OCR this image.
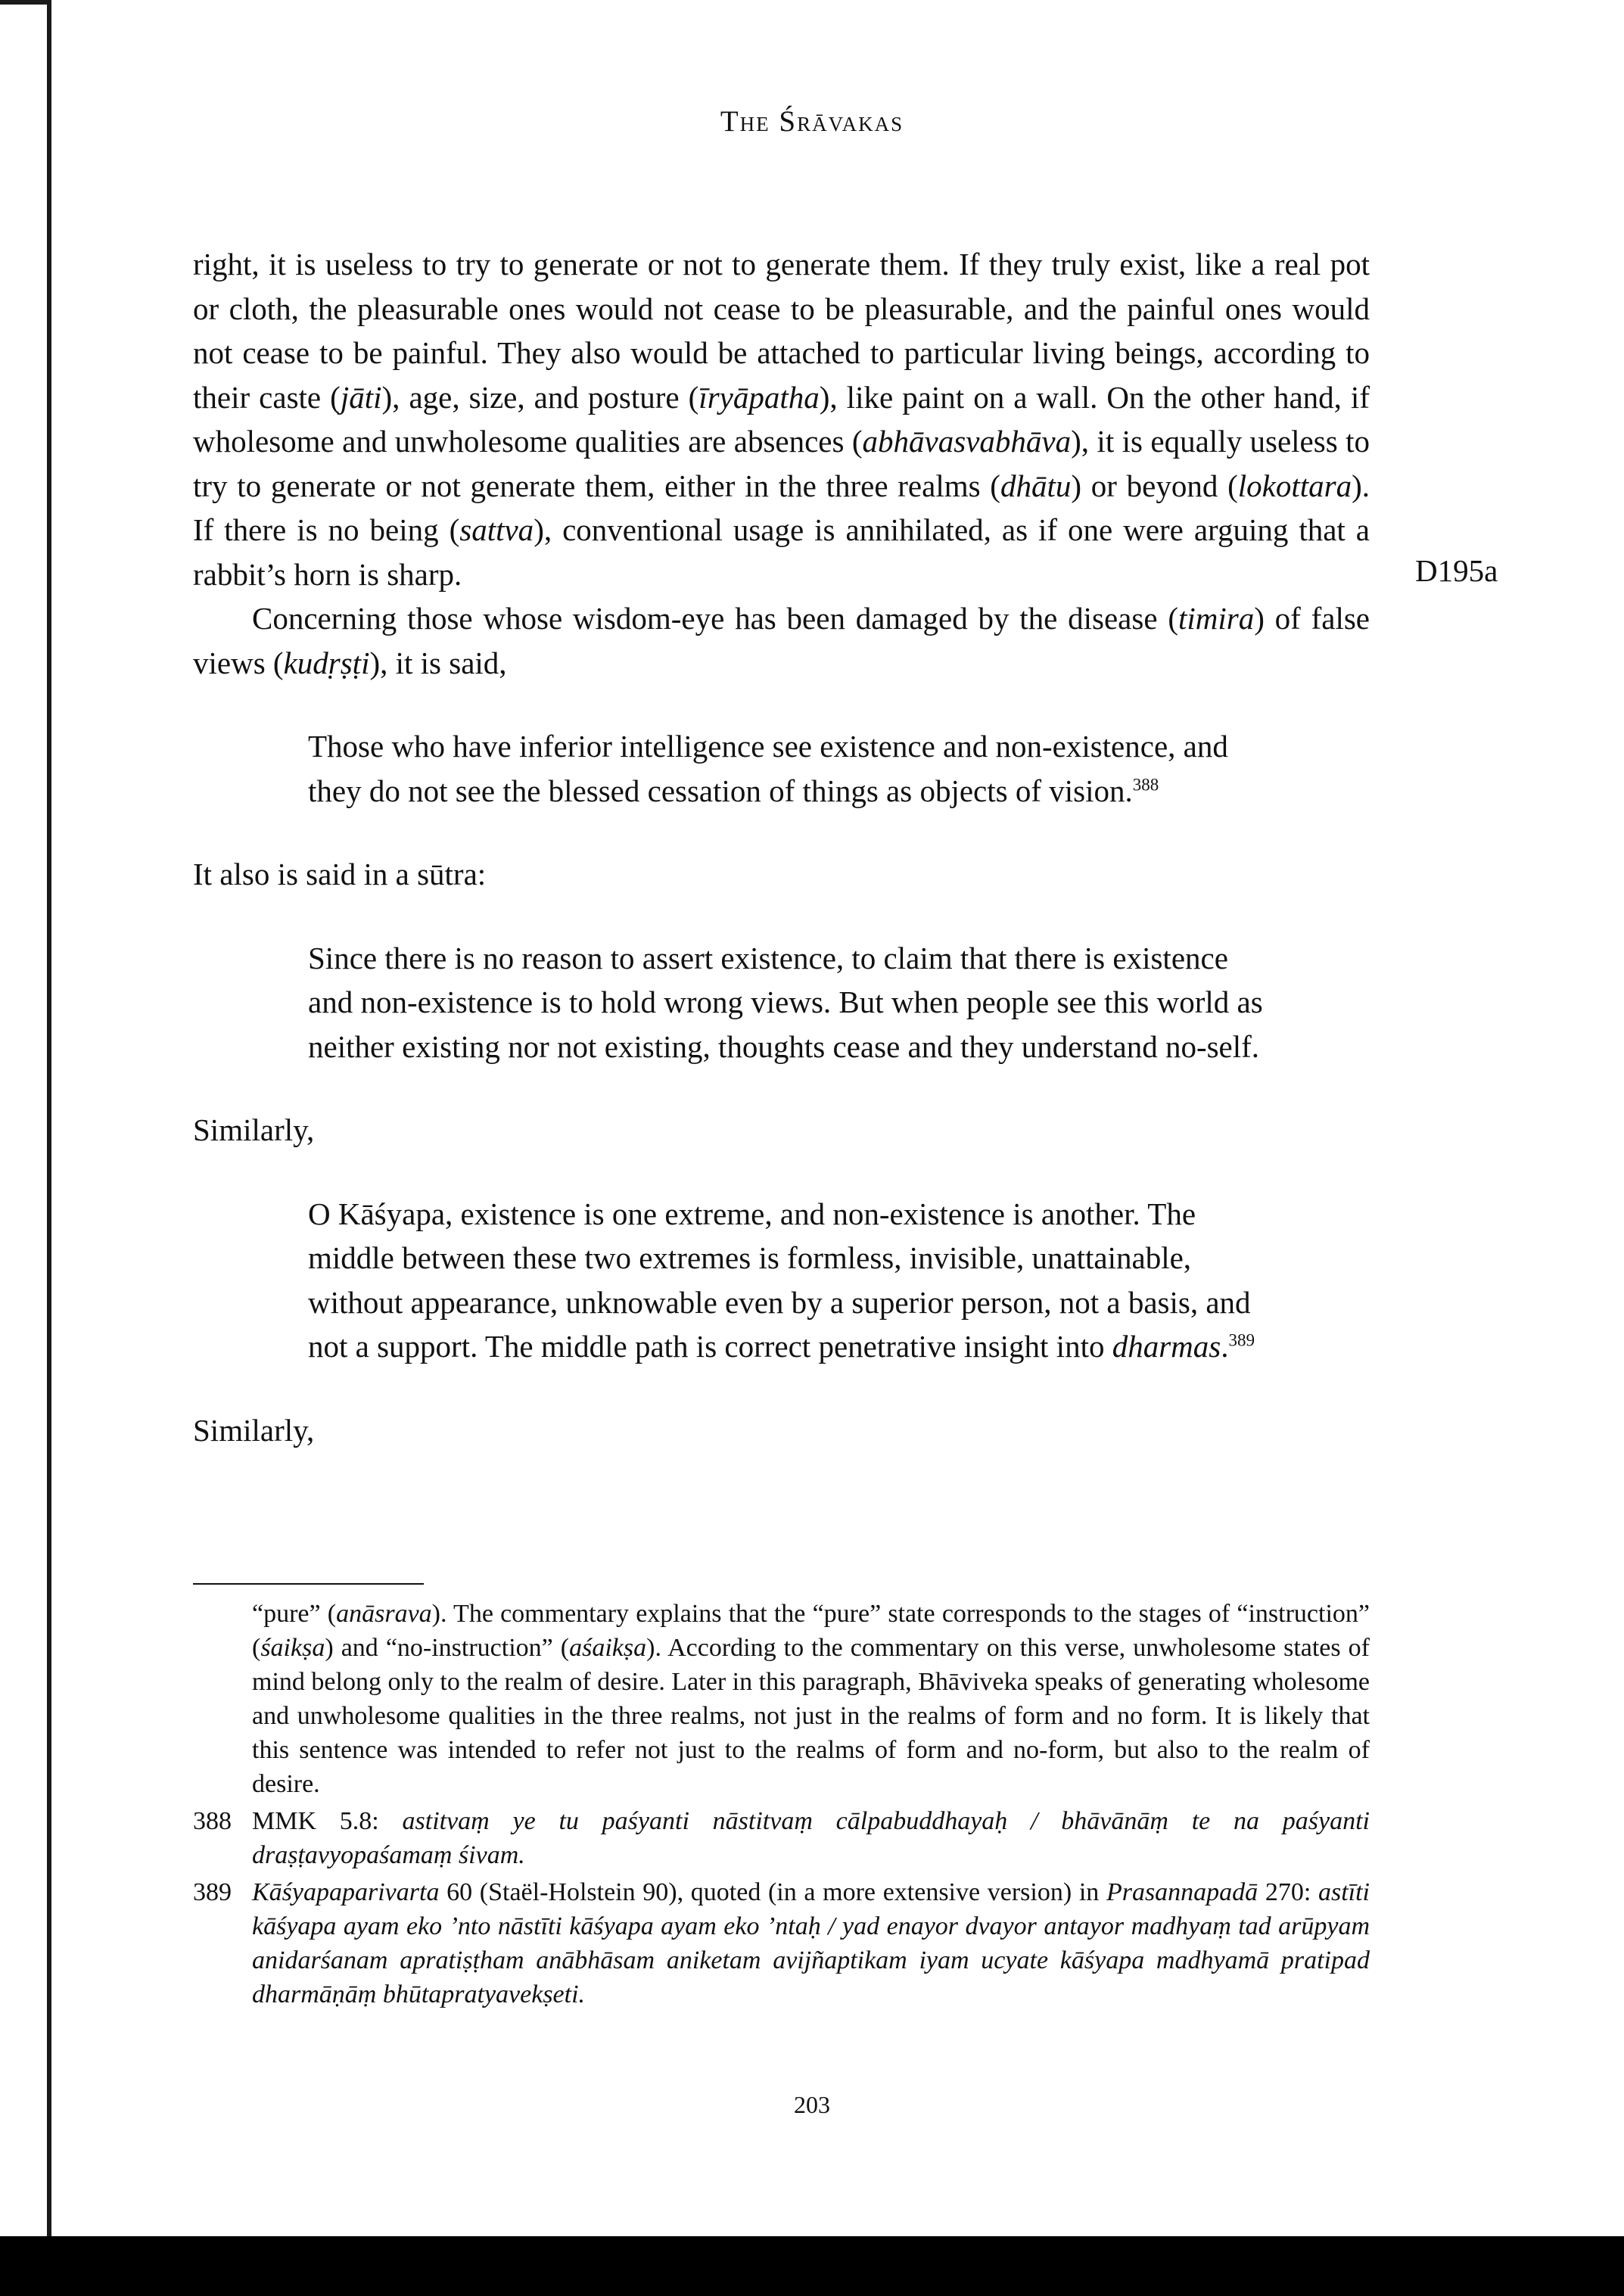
The Śrāvakas
D195a

right, it is useless to try to generate or not to generate them. If they truly exist, like a real pot or cloth, the pleasurable ones would not cease to be pleasurable, and the painful ones would not cease to be painful. They also would be attached to particular living beings, according to their caste (jāti), age, size, and posture (īryāpatha), like paint on a wall. On the other hand, if wholesome and unwholesome qualities are absences (abhāvasvabhāva), it is equally useless to try to generate or not generate them, either in the three realms (dhātu) or beyond (lokottara). If there is no being (sattva), conventional usage is annihilated, as if one were arguing that a rabbit’s horn is sharp.

Concerning those whose wisdom-eye has been damaged by the disease (timira) of false views (kudṛṣṭi), it is said,

Those who have inferior intelligence see existence and non-existence, and they do not see the blessed cessation of things as objects of vision.$^{388}$

It also is said in a sūtra:

Since there is no reason to assert existence, to claim that there is existence and non-existence is to hold wrong views. But when people see this world as neither existing nor not existing, thoughts cease and they understand no-self.

Similarly,

O Kāśyapa, existence is one extreme, and non-existence is another. The middle between these two extremes is formless, invisible, unattainable, without appearance, unknowable even by a superior person, not a basis, and not a support. The middle path is correct penetrative insight into dharmas.$^{389}$

Similarly,

“pure” (anāsrava). The commentary explains that the “pure” state corresponds to the stages of “instruction” (śaikṣa) and “no-instruction” (aśaikṣa). According to the commentary on this verse, unwholesome states of mind belong only to the realm of desire. Later in this paragraph, Bhāviveka speaks of generating wholesome and unwholesome qualities in the three realms, not just in the realms of form and no form. It is likely that this sentence was intended to refer not just to the realms of form and no-form, but also to the realm of desire.
388 MMK 5.8: astitvaṃ ye tu paśyanti nāstitvaṃ cālpabuddhayaḥ / bhāvānāṃ te na paśyanti draṣṭavyopaśamaṃ śivam.
389 Kāśyapaparivarta 60 (Staël-Holstein 90), quoted (in a more extensive version) in Prasannapadā 270: astīti kāśyapa ayam eko ’nto nāstīti kāśyapa ayam eko ’ntaḥ / yad enayor dvayor antayor madhyaṃ tad arūpyam anidarśanam apratiṣṭham anābhāsam aniketam avijñaptikam iyam ucyate kāśyapa madhyamā pratipad dharmāṇāṃ bhūtapratyavekṣeti.
203
